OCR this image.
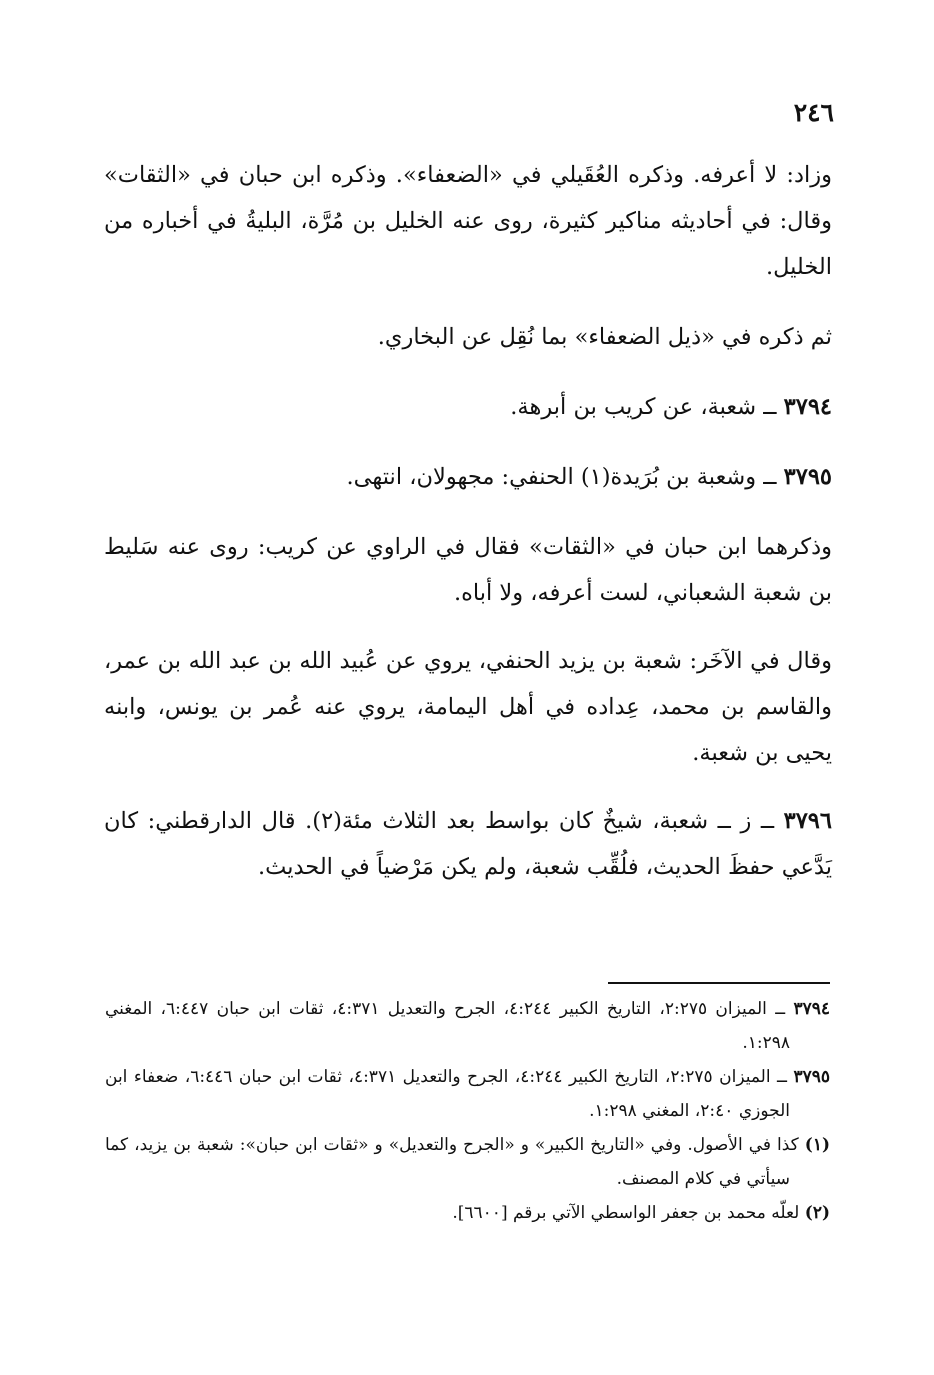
٢٤٦

وزاد: لا أعرفه. وذكره العُقَيلي في «الضعفاء». وذكره ابن حبان في «الثقات» وقال: في أحاديثه مناكير كثيرة، روى عنه الخليل بن مُرَّة، البليةُ في أخباره من الخليل.

ثم ذكره في «ذيل الضعفاء» بما نُقِل عن البخاري.

٣٧٩٤ ــ شعبة، عن كريب بن أبرهة.

٣٧٩٥ ــ وشعبة بن بُرَيدة(١) الحنفي: مجهولان، انتهى.

وذكرهما ابن حبان في «الثقات» فقال في الراوي عن كريب: روى عنه سَليط بن شعبة الشعباني، لست أعرفه، ولا أباه.

وقال في الآخَر: شعبة بن يزيد الحنفي، يروي عن عُبيد الله بن عبد الله بن عمر، والقاسم بن محمد، عِداده في أهل اليمامة، يروي عنه عُمر بن يونس، وابنه يحيى بن شعبة.

٣٧٩٦ ــ ز ــ شعبة، شيخٌ كان بواسط بعد الثلاث مئة(٢). قال الدارقطني: كان يَدَّعي حفظَ الحديث، فلُقِّب شعبة، ولم يكن مَرْضياً في الحديث.

٣٧٩٤ ــ الميزان ٢:٢٧٥، التاريخ الكبير ٤:٢٤٤، الجرح والتعديل ٤:٣٧١، ثقات ابن حبان ٦:٤٤٧، المغني ١:٢٩٨.

٣٧٩٥ ــ الميزان ٢:٢٧٥، التاريخ الكبير ٤:٢٤٤، الجرح والتعديل ٤:٣٧١، ثقات ابن حبان ٦:٤٤٦، ضعفاء ابن الجوزي ٢:٤٠، المغني ١:٢٩٨.

(١) كذا في الأصول. وفي «التاريخ الكبير» و «الجرح والتعديل» و «ثقات ابن حبان»: شعبة بن يزيد، كما سيأتي في كلام المصنف.

(٢) لعلّه محمد بن جعفر الواسطي الآتي برقم [٦٦٠٠].
